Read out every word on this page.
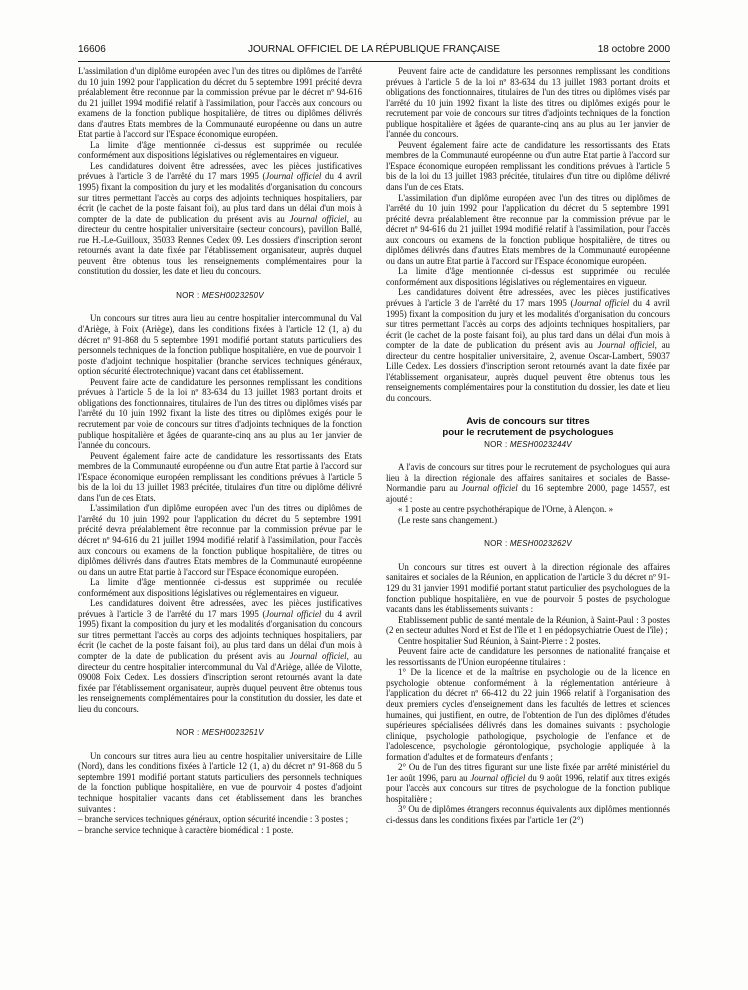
16606	JOURNAL OFFICIEL DE LA RÉPUBLIQUE FRANÇAISE	18 octobre 2000

L'assimilation d'un diplôme européen avec l'un des titres ou diplômes de l'arrêté du 10 juin 1992 pour l'application du décret du 5 septembre 1991 précité devra préalablement être reconnue par la commission prévue par le décret nº 94-616 du 21 juillet 1994 modifié relatif à l'assimilation, pour l'accès aux concours ou examens de la fonction publique hospitalière, de titres ou diplômes délivrés dans d'autres Etats membres de la Communauté européenne ou dans un autre Etat partie à l'accord sur l'Espace économique européen.

La limite d'âge mentionnée ci-dessus est supprimée ou reculée conformément aux dispositions législatives ou réglementaires en vigueur.

Les candidatures doivent être adressées, avec les pièces justificatives prévues à l'article 3 de l'arrêté du 17 mars 1995 (Journal officiel du 4 avril 1995) fixant la composition du jury et les modalités d'organisation du concours sur titres permettant l'accès au corps des adjoints techniques hospitaliers, par écrit (le cachet de la poste faisant foi), au plus tard dans un délai d'un mois à compter de la date de publication du présent avis au Journal officiel, au directeur du centre hospitalier universitaire (secteur concours), pavillon Ballé, rue H.-Le-Guilloux, 35033 Rennes Cedex 09. Les dossiers d'inscription seront retournés avant la date fixée par l'établissement organisateur, auprès duquel peuvent être obtenus tous les renseignements complémentaires pour la constitution du dossier, les date et lieu du concours.

NOR : MESH0023250V

Un concours sur titres aura lieu au centre hospitalier intercommunal du Val d'Ariège, à Foix (Ariège), dans les conditions fixées à l'article 12 (1, a) du décret nº 91-868 du 5 septembre 1991 modifié portant statuts particuliers des personnels techniques de la fonction publique hospitalière, en vue de pourvoir 1 poste d'adjoint technique hospitalier (branche services techniques généraux, option sécurité électrotechnique) vacant dans cet établissement.

Peuvent faire acte de candidature les personnes remplissant les conditions prévues à l'article 5 de la loi nº 83-634 du 13 juillet 1983 portant droits et obligations des fonctionnaires, titulaires de l'un des titres ou diplômes visés par l'arrêté du 10 juin 1992 fixant la liste des titres ou diplômes exigés pour le recrutement par voie de concours sur titres d'adjoints techniques de la fonction publique hospitalière et âgées de quarante-cinq ans au plus au 1er janvier de l'année du concours.

Peuvent également faire acte de candidature les ressortissants des Etats membres de la Communauté européenne ou d'un autre Etat partie à l'accord sur l'Espace économique européen remplissant les conditions prévues à l'article 5 bis de la loi du 13 juillet 1983 précitée, titulaires d'un titre ou diplôme délivré dans l'un de ces Etats.

L'assimilation d'un diplôme européen avec l'un des titres ou diplômes de l'arrêté du 10 juin 1992 pour l'application du décret du 5 septembre 1991 précité devra préalablement être reconnue par la commission prévue par le décret nº 94-616 du 21 juillet 1994 modifié relatif à l'assimilation, pour l'accès aux concours ou examens de la fonction publique hospitalière, de titres ou diplômes délivrés dans d'autres Etats membres de la Communauté européenne ou dans un autre Etat partie à l'accord sur l'Espace économique européen.

La limite d'âge mentionnée ci-dessus est supprimée ou reculée conformément aux dispositions législatives ou réglementaires en vigueur.

Les candidatures doivent être adressées, avec les pièces justificatives prévues à l'article 3 de l'arrêté du 17 mars 1995 (Journal officiel du 4 avril 1995) fixant la composition du jury et les modalités d'organisation du concours sur titres permettant l'accès au corps des adjoints techniques hospitaliers, par écrit (le cachet de la poste faisant foi), au plus tard dans un délai d'un mois à compter de la date de publication du présent avis au Journal officiel, au directeur du centre hospitalier intercommunal du Val d'Ariège, allée de Vilotte, 09008 Foix Cedex. Les dossiers d'inscription seront retournés avant la date fixée par l'établissement organisateur, auprès duquel peuvent être obtenus tous les renseignements complémentaires pour la constitution du dossier, les date et lieu du concours.

NOR : MESH0023251V

Un concours sur titres aura lieu au centre hospitalier universitaire de Lille (Nord), dans les conditions fixées à l'article 12 (1, a) du décret nº 91-868 du 5 septembre 1991 modifié portant statuts particuliers des personnels techniques de la fonction publique hospitalière, en vue de pourvoir 4 postes d'adjoint technique hospitalier vacants dans cet établissement dans les branches suivantes :

– branche services techniques généraux, option sécurité incendie : 3 postes ;

– branche service technique à caractère biomédical : 1 poste.

Peuvent faire acte de candidature les personnes remplissant les conditions prévues à l'article 5 de la loi nº 83-634 du 13 juillet 1983 portant droits et obligations des fonctionnaires, titulaires de l'un des titres ou diplômes visés par l'arrêté du 10 juin 1992 fixant la liste des titres ou diplômes exigés pour le recrutement par voie de concours sur titres d'adjoints techniques de la fonction publique hospitalière et âgées de quarante-cinq ans au plus au 1er janvier de l'année du concours.

Peuvent également faire acte de candidature les ressortissants des Etats membres de la Communauté européenne ou d'un autre Etat partie à l'accord sur l'Espace économique européen remplissant les conditions prévues à l'article 5 bis de la loi du 13 juillet 1983 précitée, titulaires d'un titre ou diplôme délivré dans l'un de ces Etats.

L'assimilation d'un diplôme européen avec l'un des titres ou diplômes de l'arrêté du 10 juin 1992 pour l'application du décret du 5 septembre 1991 précité devra préalablement être reconnue par la commission prévue par le décret nº 94-616 du 21 juillet 1994 modifié relatif à l'assimilation, pour l'accès aux concours ou examens de la fonction publique hospitalière, de titres ou diplômes délivrés dans d'autres Etats membres de la Communauté européenne ou dans un autre Etat partie à l'accord sur l'Espace économique européen.

La limite d'âge mentionnée ci-dessus est supprimée ou reculée conformément aux dispositions législatives ou réglementaires en vigueur.

Les candidatures doivent être adressées, avec les pièces justificatives prévues à l'article 3 de l'arrêté du 17 mars 1995 (Journal officiel du 4 avril 1995) fixant la composition du jury et les modalités d'organisation du concours sur titres permettant l'accès au corps des adjoints techniques hospitaliers, par écrit (le cachet de la poste faisant foi), au plus tard dans un délai d'un mois à compter de la date de publication du présent avis au Journal officiel, au directeur du centre hospitalier universitaire, 2, avenue Oscar-Lambert, 59037 Lille Cedex. Les dossiers d'inscription seront retournés avant la date fixée par l'établissement organisateur, auprès duquel peuvent être obtenus tous les renseignements complémentaires pour la constitution du dossier, les date et lieu du concours.

Avis de concours sur titres
pour le recrutement de psychologues
NOR : MESH0023244V

A l'avis de concours sur titres pour le recrutement de psychologues qui aura lieu à la direction régionale des affaires sanitaires et sociales de Basse-Normandie paru au Journal officiel du 16 septembre 2000, page 14557, est ajouté :

« 1 poste au centre psychothérapique de l'Orne, à Alençon. »

(Le reste sans changement.)

NOR : MESH0023262V

Un concours sur titres est ouvert à la direction régionale des affaires sanitaires et sociales de la Réunion, en application de l'article 3 du décret nº 91-129 du 31 janvier 1991 modifié portant statut particulier des psychologues de la fonction publique hospitalière, en vue de pourvoir 5 postes de psychologue vacants dans les établissements suivants :

Etablissement public de santé mentale de la Réunion, à Saint-Paul : 3 postes (2 en secteur adultes Nord et Est de l'île et 1 en pédopsychiatrie Ouest de l'île) ;

Centre hospitalier Sud Réunion, à Saint-Pierre : 2 postes.

Peuvent faire acte de candidature les personnes de nationalité française et les ressortissants de l'Union européenne titulaires :

1° De la licence et de la maîtrise en psychologie ou de la licence en psychologie obtenue conformément à la réglementation antérieure à l'application du décret nº 66-412 du 22 juin 1966 relatif à l'organisation des deux premiers cycles d'enseignement dans les facultés de lettres et sciences humaines, qui justifient, en outre, de l'obtention de l'un des diplômes d'études supérieures spécialisées délivrés dans les domaines suivants : psychologie clinique, psychologie pathologique, psychologie de l'enfance et de l'adolescence, psychologie gérontologique, psychologie appliquée à la formation d'adultes et de formateurs d'enfants ;

2° Ou de l'un des titres figurant sur une liste fixée par arrêté ministériel du 1er août 1996, paru au Journal officiel du 9 août 1996, relatif aux titres exigés pour l'accès aux concours sur titres de psychologue de la fonction publique hospitalière ;

3° Ou de diplômes étrangers reconnus équivalents aux diplômes mentionnés ci-dessus dans les conditions fixées par l'article 1er (2°)
